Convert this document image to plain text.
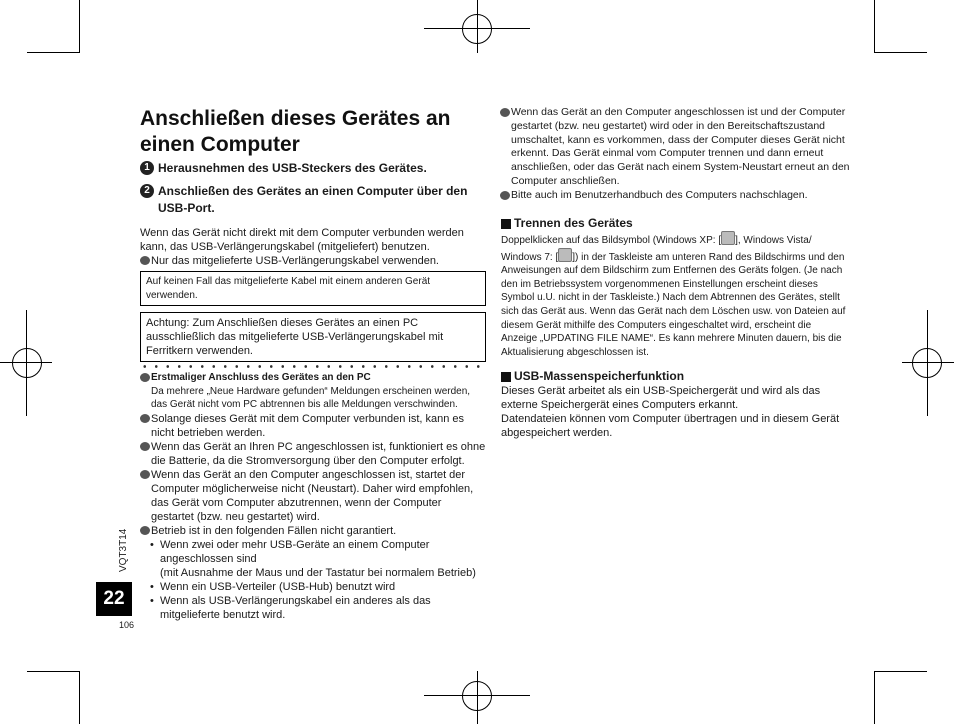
22
VQT3T14
106
Anschließen dieses Gerätes an einen Computer
1 Herausnehmen des USB-Steckers des Gerätes.
2 Anschließen des Gerätes an einen Computer über den USB-Port.
Wenn das Gerät nicht direkt mit dem Computer verbunden werden kann, das USB-Verlängerungskabel (mitgeliefert) benutzen.
Nur das mitgelieferte USB-Verlängerungskabel verwenden.
Auf keinen Fall das mitgelieferte Kabel mit einem anderen Gerät verwenden.
Achtung: Zum Anschließen dieses Gerätes an einen PC ausschließlich das mitgelieferte USB-Verlängerungskabel mit Ferritkern verwenden.
Erstmaliger Anschluss des Gerätes an den PC
Da mehrere „Neue Hardware gefunden“ Meldungen erscheinen werden, das Gerät nicht vom PC abtrennen bis alle Meldungen verschwinden.
Solange dieses Gerät mit dem Computer verbunden ist, kann es nicht betrieben werden.
Wenn das Gerät an Ihren PC angeschlossen ist, funktioniert es ohne die Batterie, da die Stromversorgung über den Computer erfolgt.
Wenn das Gerät an den Computer angeschlossen ist, startet der Computer möglicherweise nicht (Neustart). Daher wird empfohlen, das Gerät vom Computer abzutrennen, wenn der Computer gestartet (bzw. neu gestartet) wird.
Betrieb ist in den folgenden Fällen nicht garantiert.
• Wenn zwei oder mehr USB-Geräte an einem Computer angeschlossen sind
(mit Ausnahme der Maus und der Tastatur bei normalem Betrieb)
• Wenn ein USB-Verteiler (USB-Hub) benutzt wird
• Wenn als USB-Verlängerungskabel ein anderes als das mitgelieferte benutzt wird.
Wenn das Gerät an den Computer angeschlossen ist und der Computer gestartet (bzw. neu gestartet) wird oder in den Bereitschaftszustand umschaltet, kann es vorkommen, dass der Computer dieses Gerät nicht erkennt. Das Gerät einmal vom Computer trennen und dann erneut anschließen, oder das Gerät nach einem System-Neustart erneut an den Computer anschließen.
Bitte auch im Benutzerhandbuch des Computers nachschlagen.
Trennen des Gerätes
Doppelklicken auf das Bildsymbol (Windows XP: [ ], Windows Vista/ Windows 7: [ ]) in der Taskleiste am unteren Rand des Bildschirms und den Anweisungen auf dem Bildschirm zum Entfernen des Geräts folgen. (Je nach den im Betriebssystem vorgenommenen Einstellungen erscheint dieses Symbol u.U. nicht in der Taskleiste.) Nach dem Abtrennen des Gerätes, stellt sich das Gerät aus. Wenn das Gerät nach dem Löschen usw. von Dateien auf diesem Gerät mithilfe des Computers eingeschaltet wird, erscheint die Anzeige „UPDATING FILE NAME“. Es kann mehrere Minuten dauern, bis die Aktualisierung abgeschlossen ist.
USB-Massenspeicherfunktion
Dieses Gerät arbeitet als ein USB-Speichergerät und wird als das externe Speichergerät eines Computers erkannt.
Datendateien können vom Computer übertragen und in diesem Gerät abgespeichert werden.
